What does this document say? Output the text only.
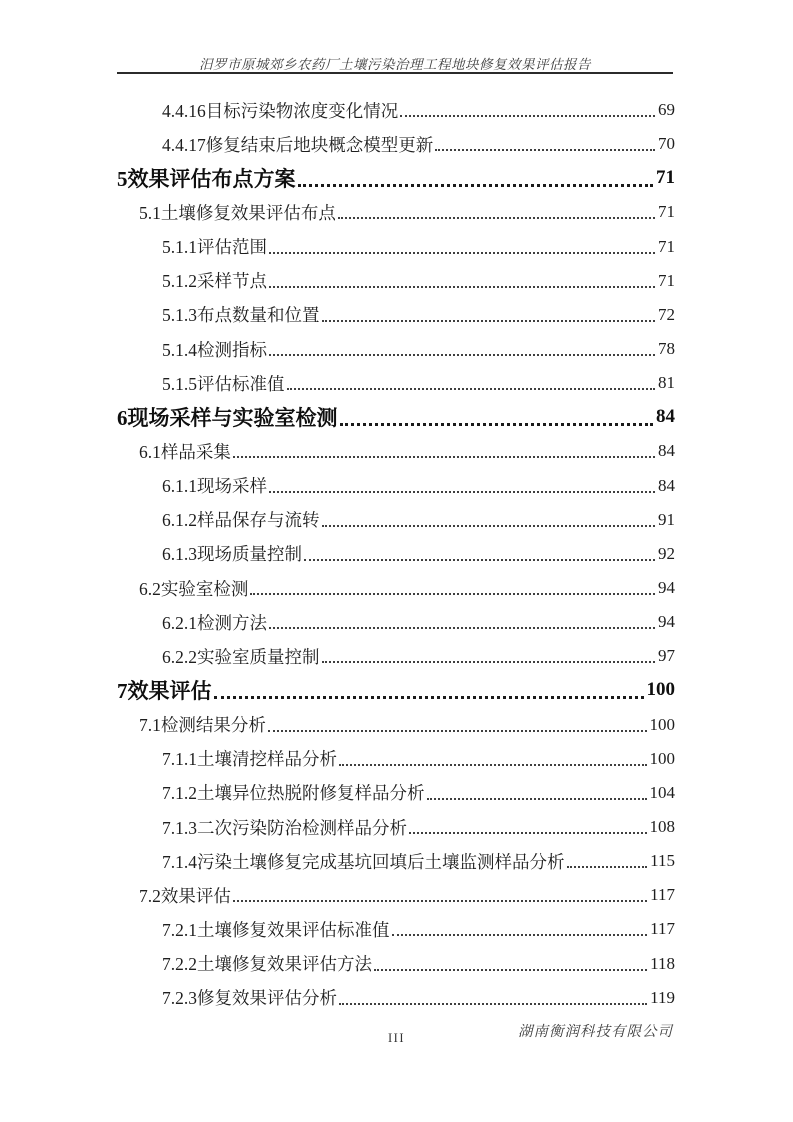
汨罗市原城郊乡农药厂土壤污染治理工程地块修复效果评估报告
4.4.16目标污染物浓度变化情况	69
4.4.17修复结束后地块概念模型更新	70
5效果评估布点方案	71
5.1土壤修复效果评估布点	71
5.1.1评估范围	71
5.1.2采样节点	71
5.1.3布点数量和位置	72
5.1.4检测指标	78
5.1.5评估标准值	81
6现场采样与实验室检测	84
6.1样品采集	84
6.1.1现场采样	84
6.1.2样品保存与流转	91
6.1.3现场质量控制	92
6.2实验室检测	94
6.2.1检测方法	94
6.2.2实验室质量控制	97
7效果评估	100
7.1检测结果分析	100
7.1.1土壤清挖样品分析	100
7.1.2土壤异位热脱附修复样品分析	104
7.1.3二次污染防治检测样品分析	108
7.1.4污染土壤修复完成基坑回填后土壤监测样品分析	115
7.2效果评估	117
7.2.1土壤修复效果评估标准值	117
7.2.2土壤修复效果评估方法	118
7.2.3修复效果评估分析	119
湖南衡润科技有限公司
III
